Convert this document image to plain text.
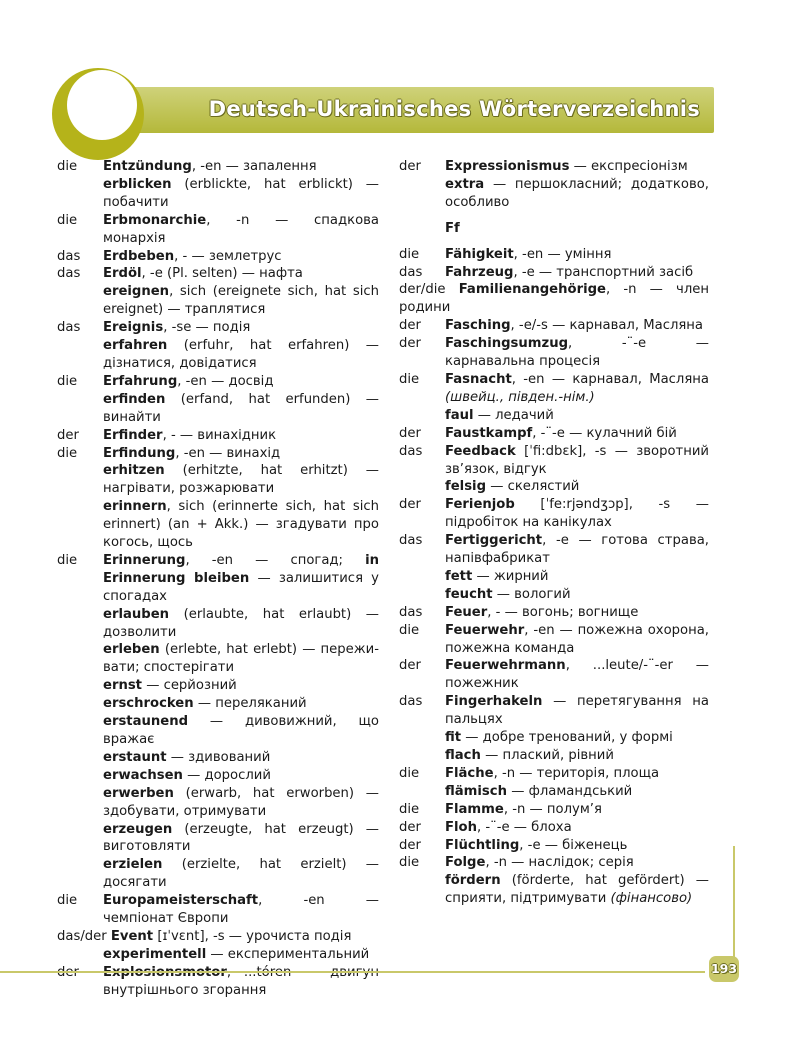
Deutsch-Ukrainisches Wörterverzeichnis
die Entzündung, -en — запалення
erblicken (erblickte, hat erblickt) — побачити
die Erbmonarchie, -n — спадкова монархія
das Erdbeben, - — землетрус
das Erdöl, -e (Pl. selten) — нафта
ereignen, sich (ereignete sich, hat sich ereignet) — траплятися
das Ereignis, -se — подія
erfahren (erfuhr, hat erfahren) — дізнатися, довідатися
die Erfahrung, -en — досвід
erfinden (erfand, hat erfunden) — винайти
der Erfinder, - — винахідник
die Erfindung, -en — винахід
erhitzen (erhitzte, hat erhitzt) — нагрівати, розжарювати
erinnern, sich (erinnerte sich, hat sich erinnert) (an + Akk.) — згадувати про когось, щось
die Erinnerung, -en — спогад; in Erinnerung bleiben — залишитися у спогадах
erlauben (erlaubte, hat erlaubt) — дозволити
erleben (erlebte, hat erlebt) — переживати; спостерігати
ernst — серйозний
erschrocken — переляканий
erstaunend — дивовижний, що вражає
erstaunt — здивований
erwachsen — дорослий
erwerben (erwarb, hat erworben) — здобувати, отримувати
erzeugen (erzeugte, hat erzeugt) — виготовляти
erzielen (erzielte, hat erzielt) — досягати
die Europameisterschaft, -en — чемпіонат Європи
das/der Event [ɪˈvɛnt], -s — урочиста подія
experimentell — експериментальний
внутрішнього згорання
der Expressionismus — експресіонізм
extra — першокласний; додатково, особливо
Ff
die Fähigkeit, -en — уміння
das Fahrzeug, -e — транспортний засіб
der/die Familienangehörige, -n — член родини
der Fasching, -e/-s — карнавал, Масляна
der Faschingsumzug, -¨-e — карнавальна процесія
die Fasnacht, -en — карнавал, Масляна (швейц., півден.-нім.)
faul — ледачий
der Faustkampf, -¨-e — кулачний бій
das Feedback [ˈfi:dbɛk], -s — зворотний зв’язок, відгук
felsig — скелястий
der Ferienjob [ˈfe:rjəndʒɔp], -s — підробіток на канікулах
das Fertiggericht, -e — готова страва, напівфабрикат
fett — жирний
feucht — вологий
das Feuer, - — вогонь; вогнище
die Feuerwehr, -en — пожежна охорона, пожежна команда
der Feuerwehrmann, ...leute/-¨-er — пожежник
das Fingerhakeln — перетягування на пальцях
fit — добре тренований, у формі
flach — плаский, рівний
die Fläche, -n — територія, площа
flämisch — фламандський
die Flamme, -n — полум’я
der Floh, -¨-e — блоха
der Flüchtling, -e — біженець
die Folge, -n — наслідок; серія
fördern (förderte, hat gefördert) — сприяти, підтримувати (фінансово)
193
